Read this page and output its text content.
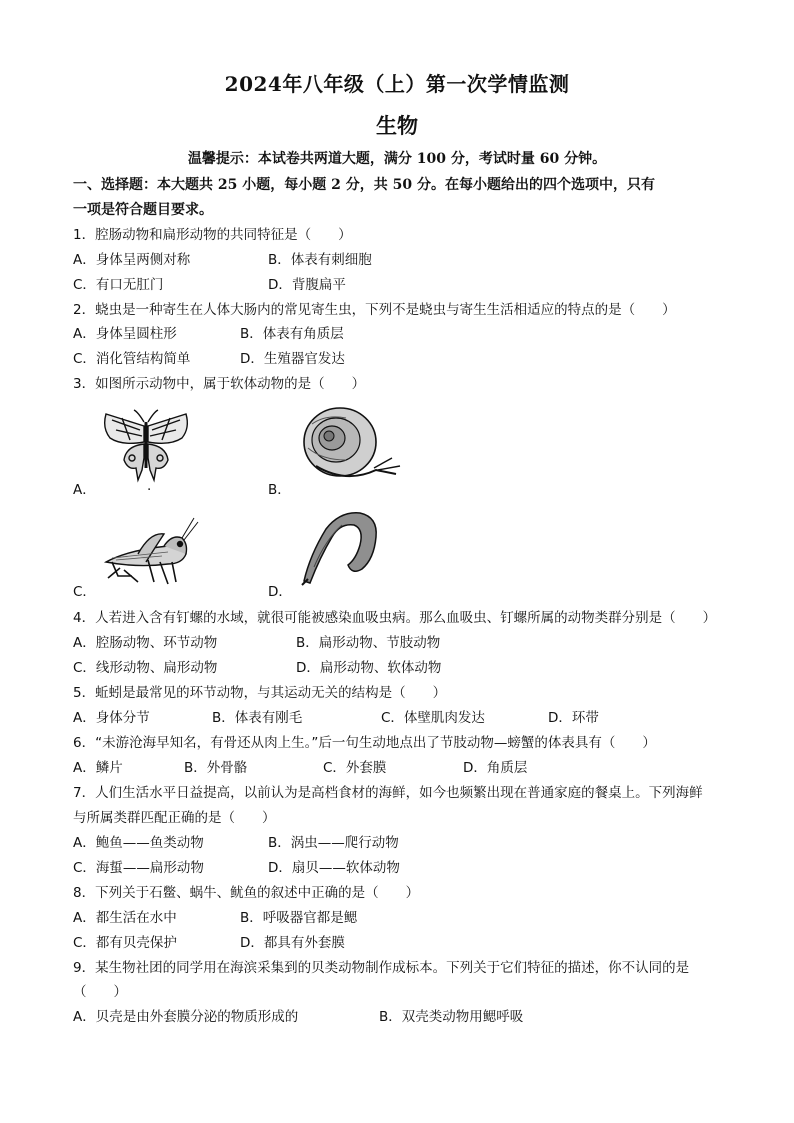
2024年八年级（上）第一次学情监测
生物
温馨提示：本试卷共两道大题，满分 100 分，考试时量 60 分钟。
一、选择题：本大题共 25 小题，每小题 2 分，共 50 分。在每小题给出的四个选项中，只有
一项是符合题目要求。
1．腔肠动物和扁形动物的共同特征是（　　）
A．身体呈两侧对称	B．体表有刺细胞
C．有口无肛门	D．背腹扁平
2．蛲虫是一种寄生在人体大肠内的常见寄生虫，下列不是蛲虫与寄生生活相适应的特点的是（　　）
A．身体呈圆柱形	B．体表有角质层
C．消化管结构简单	D．生殖器官发达
3．如图所示动物中，属于软体动物的是（　　）
A．	.	B．
C．	D．
4．人若进入含有钉螺的水域，就很可能被感染血吸虫病。那么血吸虫、钉螺所属的动物类群分别是（　　）
A．腔肠动物、环节动物	B．扁形动物、节肢动物
C．线形动物、扁形动物	D．扁形动物、软体动物
5．蚯蚓是最常见的环节动物，与其运动无关的结构是（　　）
A．身体分节	B．体表有刚毛	C．体壁肌肉发达	D．环带
6．“未游沧海早知名，有骨还从肉上生。”后一句生动地点出了节肢动物—螃蟹的体表具有（　　）
A．鳞片	B．外骨骼	C．外套膜	D．角质层
7．人们生活水平日益提高，以前认为是高档食材的海鲜，如今也频繁出现在普通家庭的餐桌上。下列海鲜
与所属类群匹配正确的是（　　）
A．鲍鱼——鱼类动物	B．涡虫——爬行动物
C．海蜇——扁形动物	D．扇贝——软体动物
8．下列关于石鳖、蜗牛、鱿鱼的叙述中正确的是（　　）
A．都生活在水中	B．呼吸器官都是鳃
C．都有贝壳保护	D．都具有外套膜
9．某生物社团的同学用在海滨采集到的贝类动物制作成标本。下列关于它们特征的描述，你不认同的是
（　　）
A．贝壳是由外套膜分泌的物质形成的	B．双壳类动物用鳃呼吸
